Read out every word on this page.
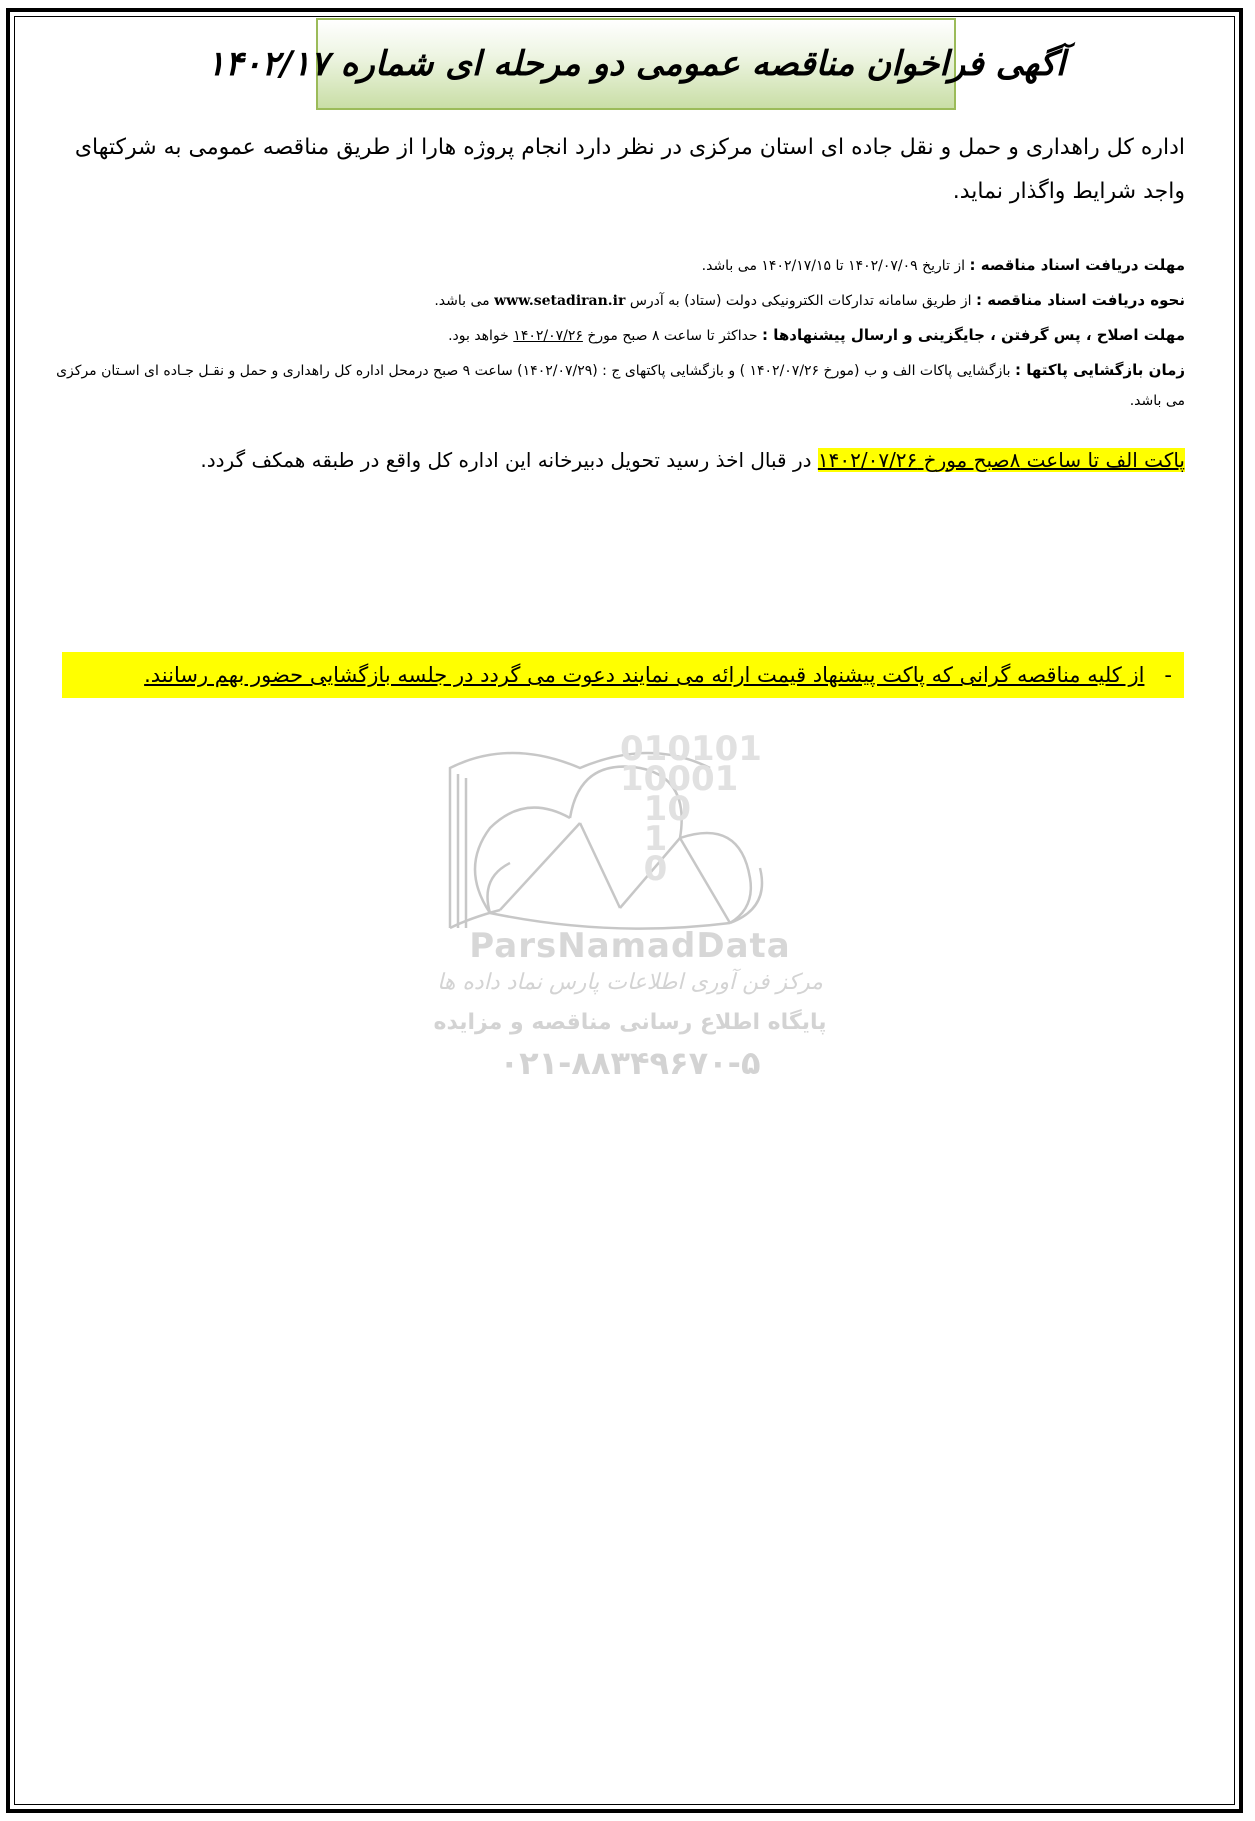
آگهی فراخوان مناقصه عمومی دو مرحله ای شماره ۱۴۰۲/۱۷
اداره کل راهداری و حمل و نقل جاده ای استان مرکزی در نظر دارد انجام پروژه هارا از طریق مناقصه عمومی به شرکتهای واجد شرایط واگذار نماید.
مهلت دریافت اسناد مناقصه : از تاریخ ۱۴۰۲/۰۷/۰۹ تا ۱۴۰۲/۱۷/۱۵ می باشد.
نحوه دریافت اسناد مناقصه : از طریق سامانه تدارکات الکترونیکی دولت (ستاد) به آدرس www.setadiran.ir می باشد.
مهلت اصلاح ، پس گرفتن ، جایگزینی و ارسال پیشنهادها : حداکثر تا ساعت ۸ صبح مورخ ۱۴۰۲/۰۷/۲۶ خواهد بود.
زمان بازگشایی پاکتها : بازگشایی پاکات الف و ب (مورخ ۱۴۰۲/۰۷/۲۶ ) و بازگشایی پاکتهای ج : (۱۴۰۲/۰۷/۲۹) ساعت ۹ صبح درمحل اداره کل راهداری و حمل و نقـل جـاده ای اسـتان مرکزی می باشد.
پاکت الف تا ساعت ۸صبح مورخ ۱۴۰۲/۰۷/۲۶ در قبال اخذ رسید تحویل دبیرخانه این اداره کل واقع در طبقه همکف گردد.
-
از کلیه مناقصه گرانی که پاکت پیشنهاد قیمت ارائه می نمایند دعوت می گردد در جلسه بازگشایی حضور بهم رسانند.
010101
10001
10
1
0
ParsNamadData
مرکز فن آوری اطلاعات پارس نماد داده ها
پایگاه اطلاع رسانی مناقصه و مزایده
۰۲۱-۸۸۳۴۹۶۷۰-۵
